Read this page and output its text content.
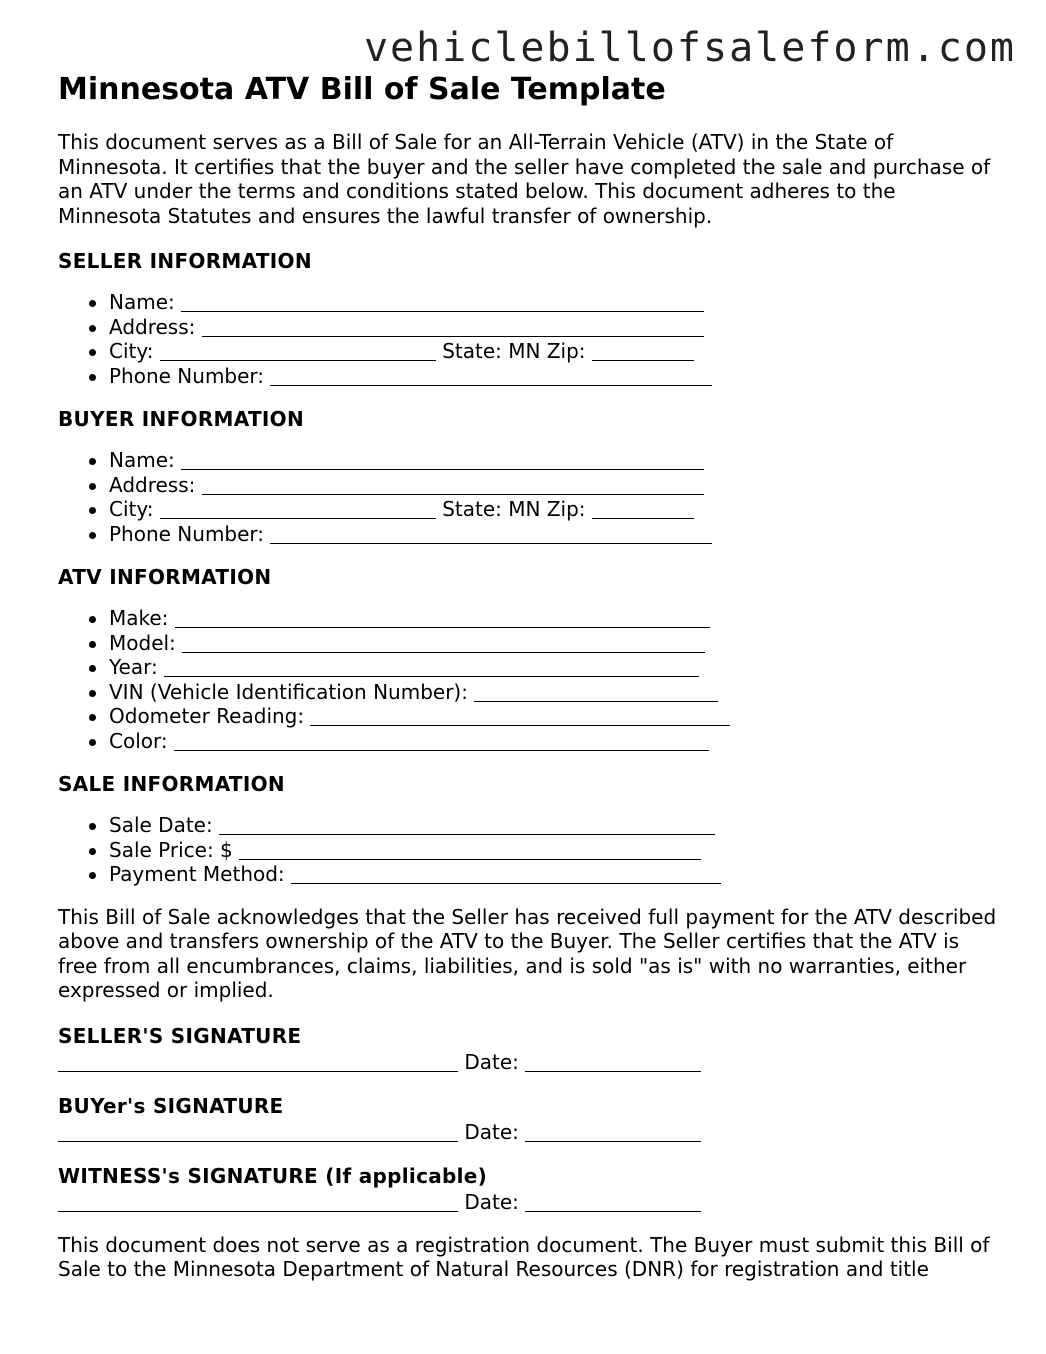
vehiclebillofsaleform.com
Minnesota ATV Bill of Sale Template

This document serves as a Bill of Sale for an All-Terrain Vehicle (ATV) in the State of Minnesota. It certifies that the buyer and the seller have completed the sale and purchase of an ATV under the terms and conditions stated below. This document adheres to the Minnesota Statutes and ensures the lawful transfer of ownership.

SELLER INFORMATION
Name:
Address:
City:	State: MN Zip:
Phone Number:
BUYER INFORMATION
Name:
Address:
City:	State: MN Zip:
Phone Number:
ATV INFORMATION
Make:
Model:
Year:
VIN (Vehicle Identification Number):
Odometer Reading:
Color:
SALE INFORMATION
Sale Date:
Sale Price: $
Payment Method:

This Bill of Sale acknowledges that the Seller has received full payment for the ATV described above and transfers ownership of the ATV to the Buyer. The Seller certifies that the ATV is free from all encumbrances, claims, liabilities, and is sold "as is" with no warranties, either expressed or implied.

SELLER'S SIGNATURE
Date:
BUYer's SIGNATURE
Date:
WITNESS's SIGNATURE (If applicable)
Date:

This document does not serve as a registration document. The Buyer must submit this Bill of Sale to the Minnesota Department of Natural Resources (DNR) for registration and title
